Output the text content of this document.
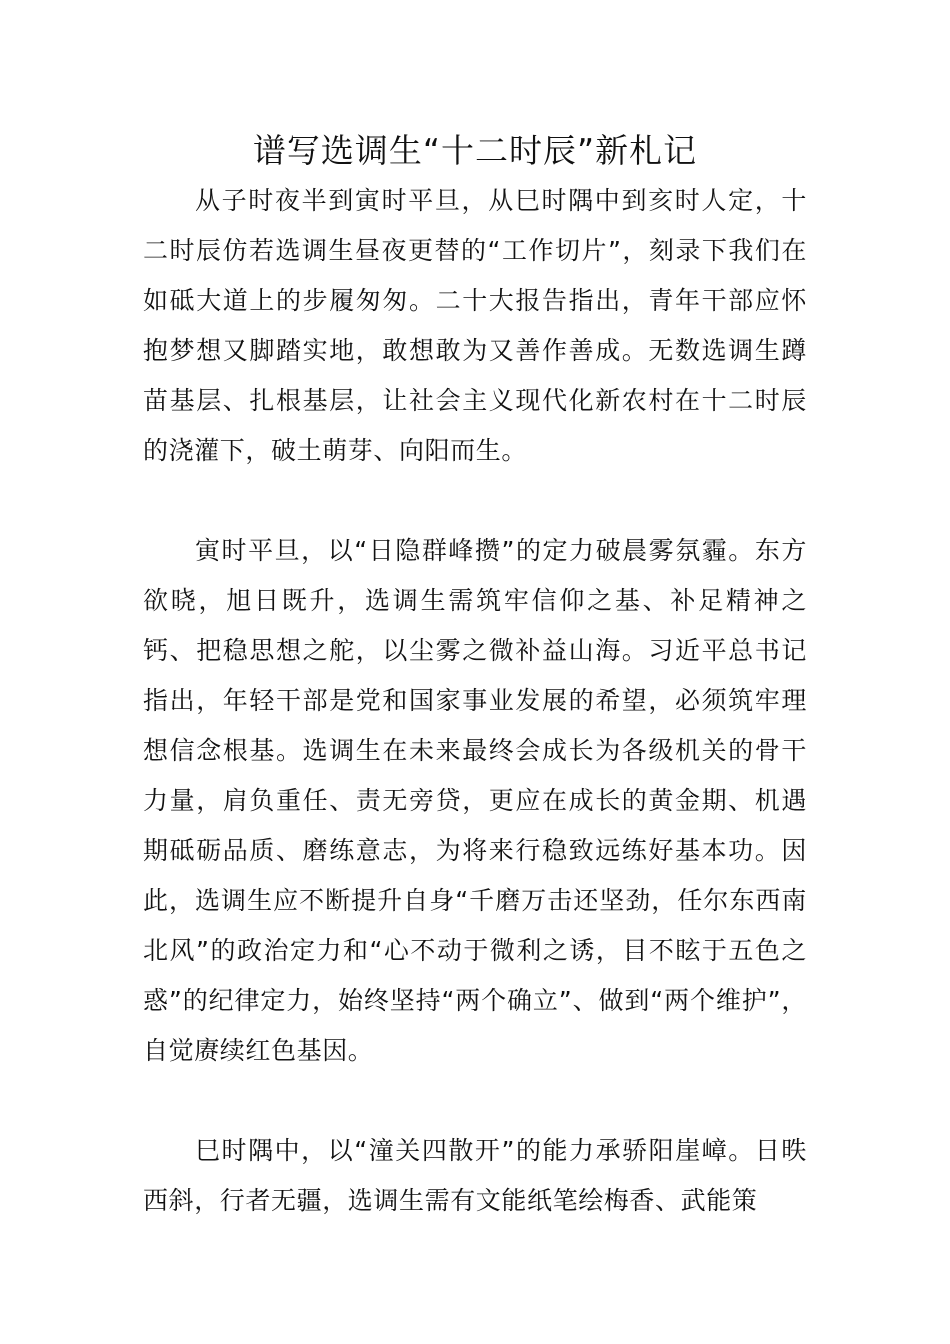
谱写选调生“十二时辰”新札记

从子时夜半到寅时平旦，从巳时隅中到亥时人定，十二时辰仿若选调生昼夜更替的“工作切片”，刻录下我们在如砥大道上的步履匆匆。二十大报告指出，青年干部应怀抱梦想又脚踏实地，敢想敢为又善作善成。无数选调生蹲苗基层、扎根基层，让社会主义现代化新农村在十二时辰的浇灌下，破土萌芽、向阳而生。

寅时平旦，以“日隐群峰攒”的定力破晨雾氛霾。东方欲晓，旭日既升，选调生需筑牢信仰之基、补足精神之钙、把稳思想之舵，以尘雾之微补益山海。习近平总书记指出，年轻干部是党和国家事业发展的希望，必须筑牢理想信念根基。选调生在未来最终会成长为各级机关的骨干力量，肩负重任、责无旁贷，更应在成长的黄金期、机遇期砥砺品质、磨练意志，为将来行稳致远练好基本功。因此，选调生应不断提升自身“千磨万击还坚劲，任尔东西南北风”的政治定力和“心不动于微利之诱，目不眩于五色之惑”的纪律定力，始终坚持“两个确立”、做到“两个维护”，自觉赓续红色基因。

巳时隅中，以“潼关四散开”的能力承骄阳崖嶂。日昳西斜，行者无疆，选调生需有文能纸笔绘梅香、武能策
